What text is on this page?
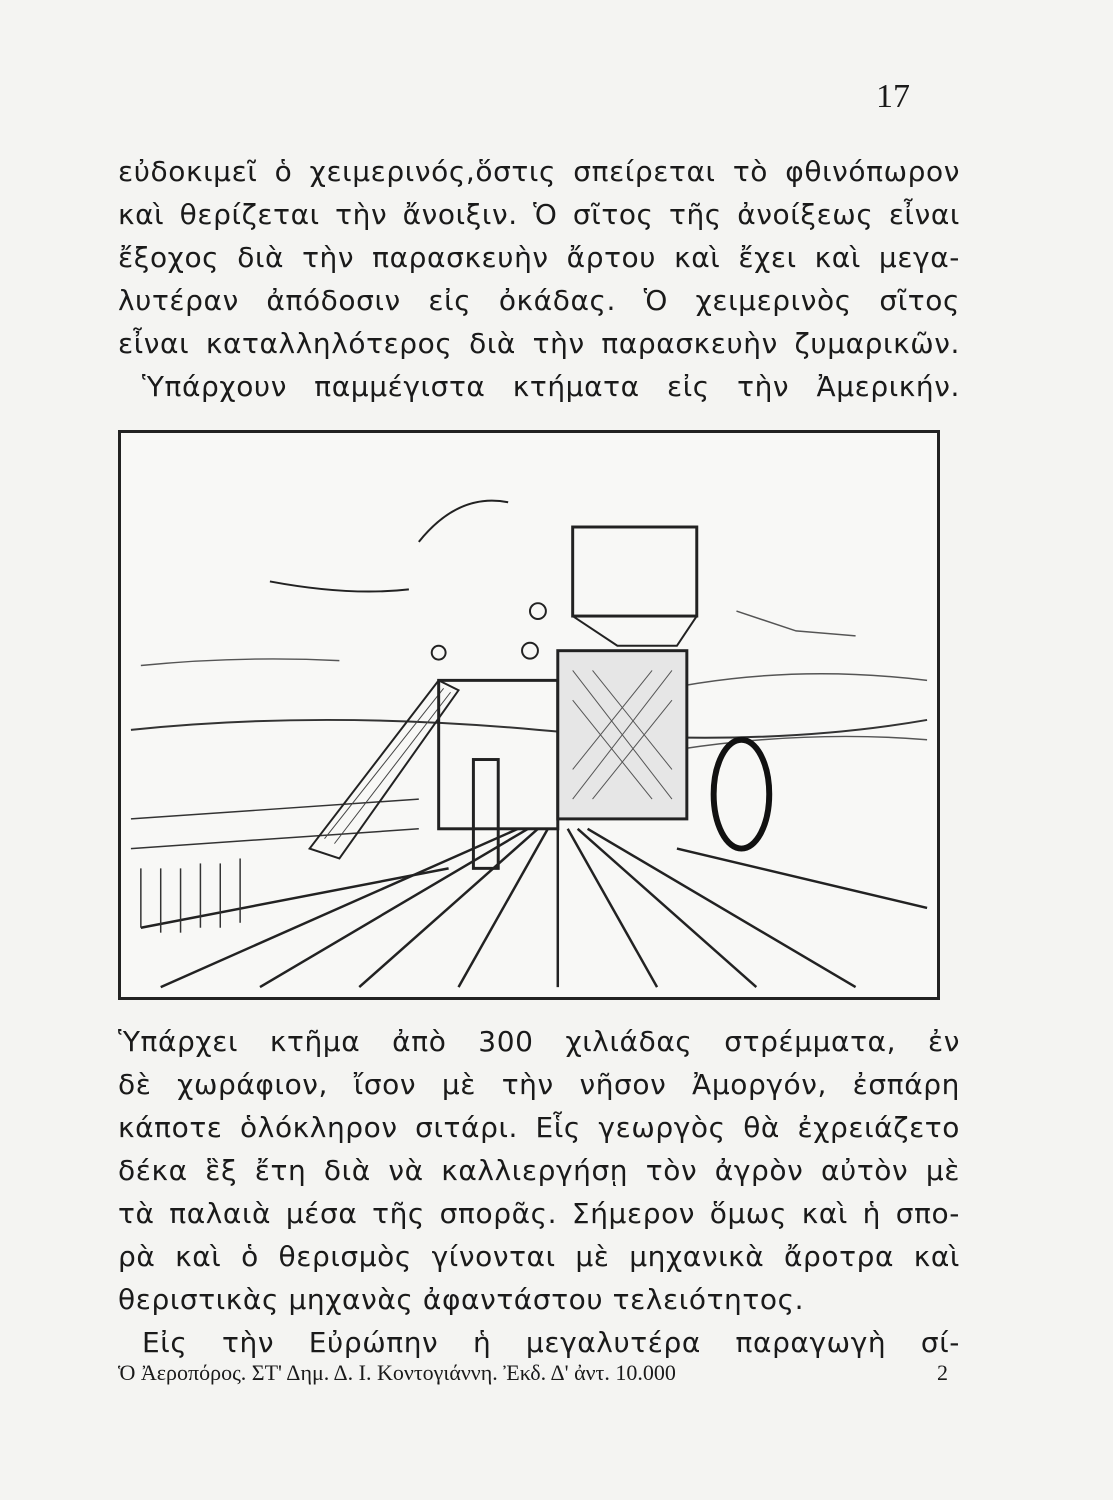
17

εὐδοκιμεῖ ὁ χειμερινός,ὅστις σπείρεται τὸ φθινόπωρον

καὶ θερίζεται τὴν ἄνοιξιν. Ὁ σῖτος τῆς ἀνοίξεως εἶναι

ἔξοχος διὰ τὴν παρασκευὴν ἄρτου καὶ ἔχει καὶ μεγα-

λυτέραν ἀπόδοσιν εἰς ὀκάδας. Ὁ χειμερινὸς σῖτος

εἶναι καταλληλότερος διὰ τὴν παρασκευὴν ζυμαρικῶν.

Ὑπάρχουν παμμέγιστα κτήματα εἰς τὴν Ἀμερικήν.

Ὑπάρχει κτῆμα ἀπὸ 300 χιλιάδας στρέμματα, ἐν

δὲ χωράφιον, ἴσον μὲ τὴν νῆσον Ἀμοργόν, ἐσπάρη

κάποτε ὁλόκληρον σιτάρι. Εἷς γεωργὸς θὰ ἐχρειάζετο

δέκα ἓξ ἔτη διὰ νὰ καλλιεργήσῃ τὸν ἀγρὸν αὐτὸν μὲ

τὰ παλαιὰ μέσα τῆς σπορᾶς. Σήμερον ὅμως καὶ ἡ σπο-

ρὰ καὶ ὁ θερισμὸς γίνονται μὲ μηχανικὰ ἄροτρα καὶ

θεριστικὰς μηχανὰς ἀφαντάστου τελειότητος.

Εἰς τὴν Εὐρώπην ἡ μεγαλυτέρα παραγωγὴ σί-

Ὁ Ἀεροπόρος. ΣΤ' Δημ. Δ. Ι. Κοντογιάννη. Ἐκδ. Δ' ἀντ. 10.000	2
